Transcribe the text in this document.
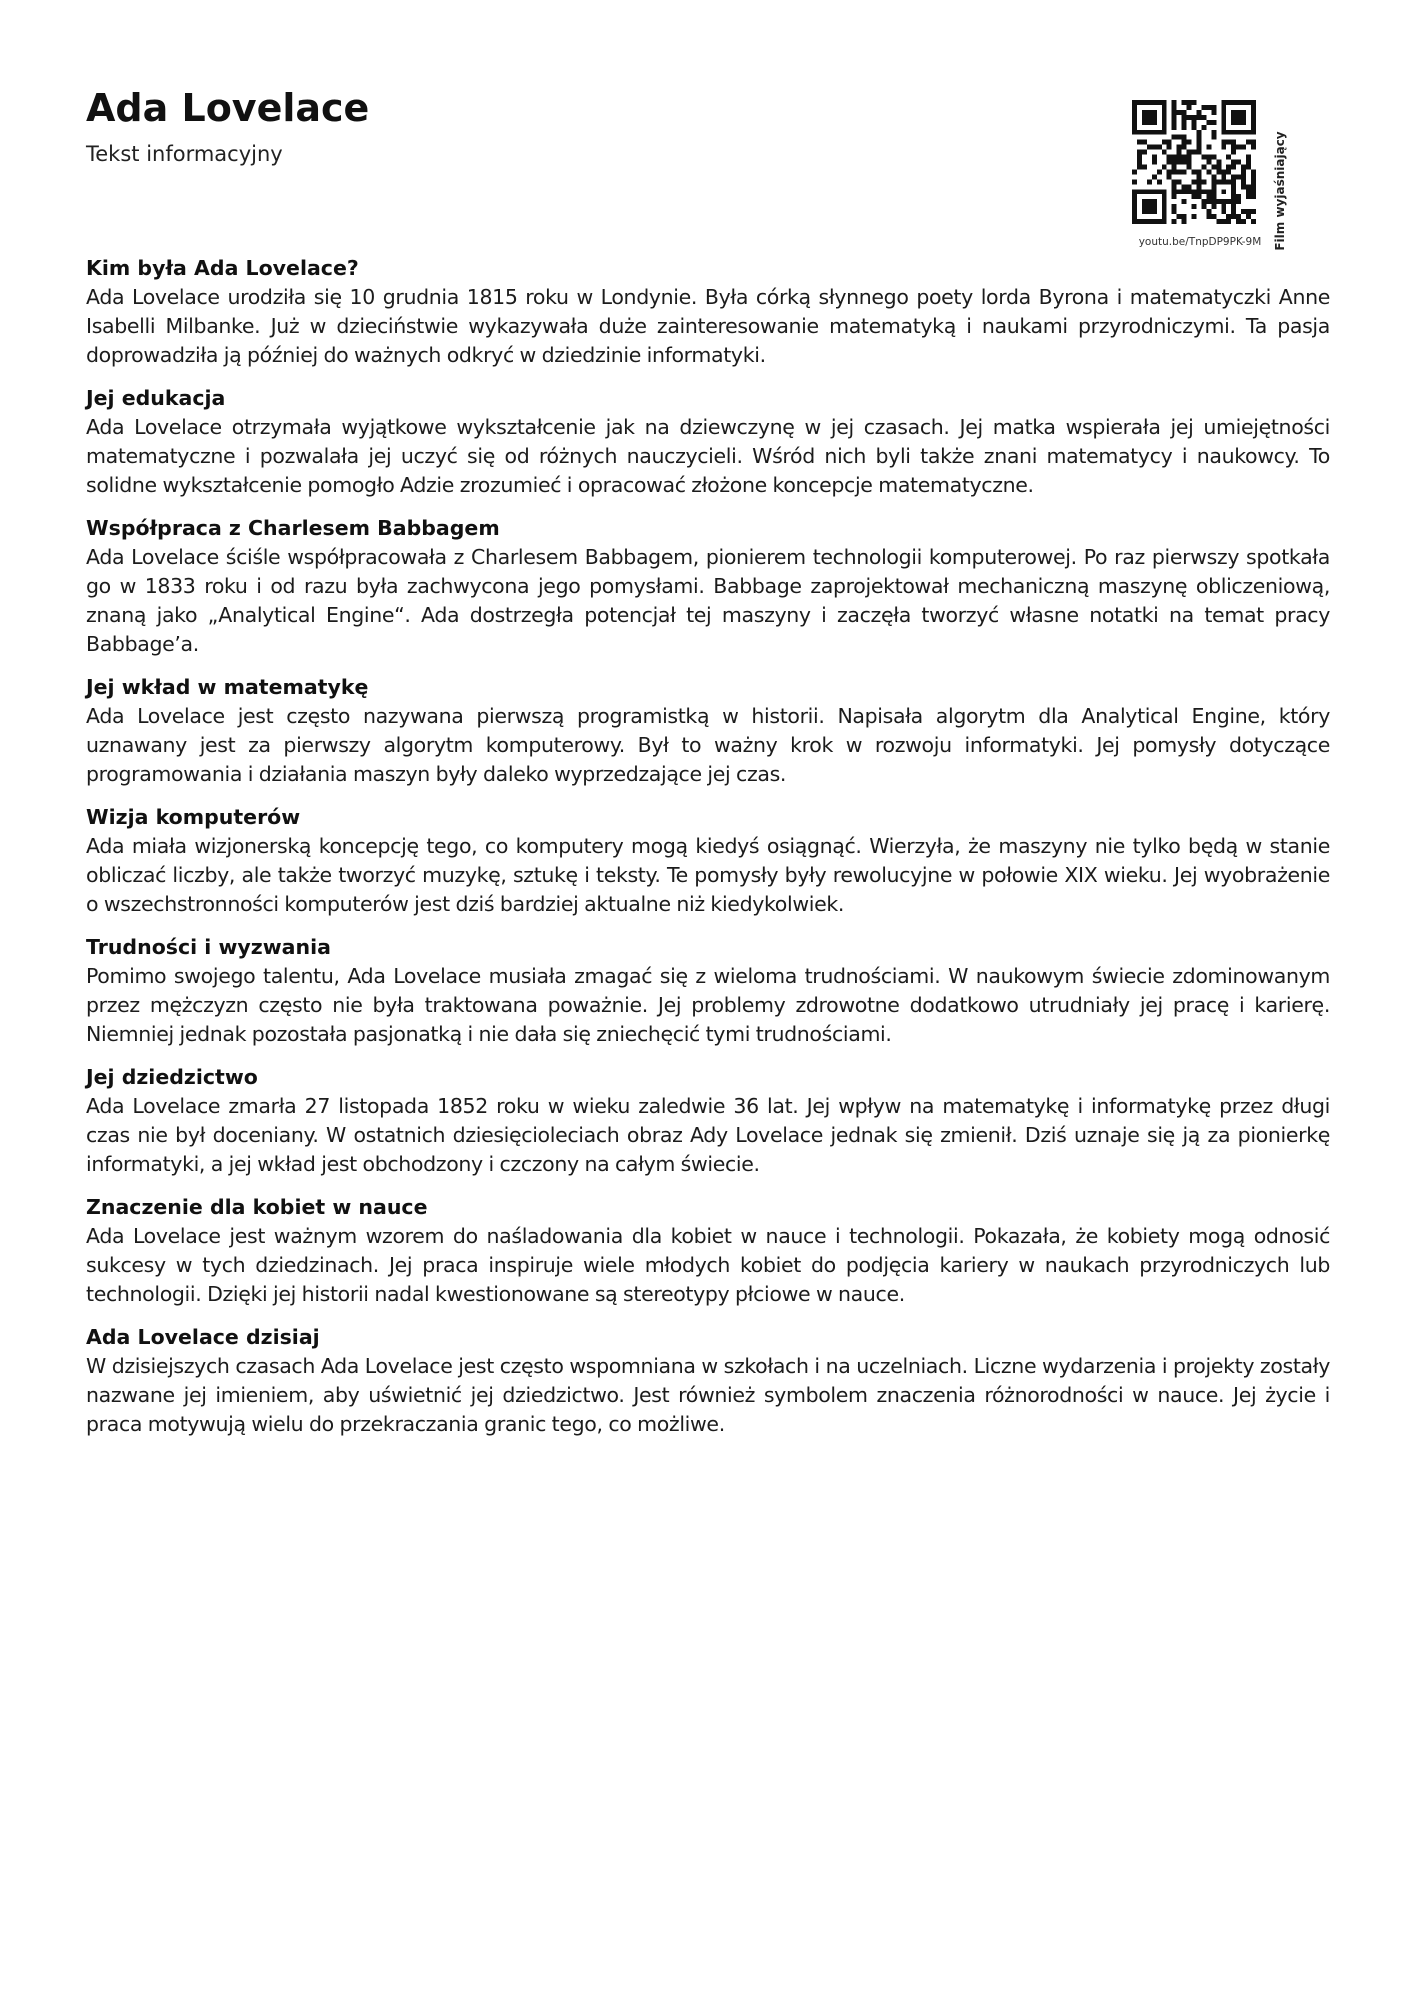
Ada Lovelace
Tekst informacyjny
youtu.be/TnpDP9PK-9M Film wyjaśniający
Kim była Ada Lovelace?

Ada Lovelace urodziła się 10 grudnia 1815 roku w Londynie. Była córką słynnego poety lorda Byrona i matematyczki Anne Isabelli Milbanke. Już w dzieciństwie wykazywała duże zainteresowanie matematyką i naukami przyrodniczymi. Ta pasja doprowadziła ją później do ważnych odkryć w dziedzinie informatyki.

Jej edukacja

Ada Lovelace otrzymała wyjątkowe wykształcenie jak na dziewczynę w jej czasach. Jej matka wspierała jej umiejętności matematyczne i pozwalała jej uczyć się od różnych nauczycieli. Wśród nich byli także znani matematycy i naukowcy. To solidne wykształcenie pomogło Adzie zrozumieć i opracować złożone koncepcje matematyczne.

Współpraca z Charlesem Babbagem

Ada Lovelace ściśle współpracowała z Charlesem Babbagem, pionierem technologii komputerowej. Po raz pierwszy spotkała go w 1833 roku i od razu była zachwycona jego pomysłami. Babbage zaprojektował mechaniczną maszynę obliczeniową, znaną jako „Analytical Engine“. Ada dostrzegła potencjał tej maszyny i zaczęła tworzyć własne notatki na temat pracy Babbage’a.

Jej wkład w matematykę

Ada Lovelace jest często nazywana pierwszą programistką w historii. Napisała algorytm dla Analytical Engine, który uznawany jest za pierwszy algorytm komputerowy. Był to ważny krok w rozwoju informatyki. Jej pomysły dotyczące programowania i działania maszyn były daleko wyprzedzające jej czas.

Wizja komputerów

Ada miała wizjonerską koncepcję tego, co komputery mogą kiedyś osiągnąć. Wierzyła, że maszyny nie tylko będą w stanie obliczać liczby, ale także tworzyć muzykę, sztukę i teksty. Te pomysły były rewolucyjne w połowie XIX wieku. Jej wyobrażenie o wszechstronności komputerów jest dziś bardziej aktualne niż kiedykolwiek.

Trudności i wyzwania

Pomimo swojego talentu, Ada Lovelace musiała zmagać się z wieloma trudnościami. W naukowym świecie zdominowanym przez mężczyzn często nie była traktowana poważnie. Jej problemy zdrowotne dodatkowo utrudniały jej pracę i karierę. Niemniej jednak pozostała pasjonatką i nie dała się zniechęcić tymi trudnościami.

Jej dziedzictwo

Ada Lovelace zmarła 27 listopada 1852 roku w wieku zaledwie 36 lat. Jej wpływ na matematykę i informatykę przez długi czas nie był doceniany. W ostatnich dziesięcioleciach obraz Ady Lovelace jednak się zmienił. Dziś uznaje się ją za pionierkę informatyki, a jej wkład jest obchodzony i czczony na całym świecie.

Znaczenie dla kobiet w nauce

Ada Lovelace jest ważnym wzorem do naśladowania dla kobiet w nauce i technologii. Pokazała, że kobiety mogą odnosić sukcesy w tych dziedzinach. Jej praca inspiruje wiele młodych kobiet do podjęcia kariery w naukach przyrodniczych lub technologii. Dzięki jej historii nadal kwestionowane są stereotypy płciowe w nauce.

Ada Lovelace dzisiaj

W dzisiejszych czasach Ada Lovelace jest często wspomniana w szkołach i na uczelniach. Liczne wydarzenia i projekty zostały nazwane jej imieniem, aby uświetnić jej dziedzictwo. Jest również symbolem znaczenia różnorodności w nauce. Jej życie i praca motywują wielu do przekraczania granic tego, co możliwe.
